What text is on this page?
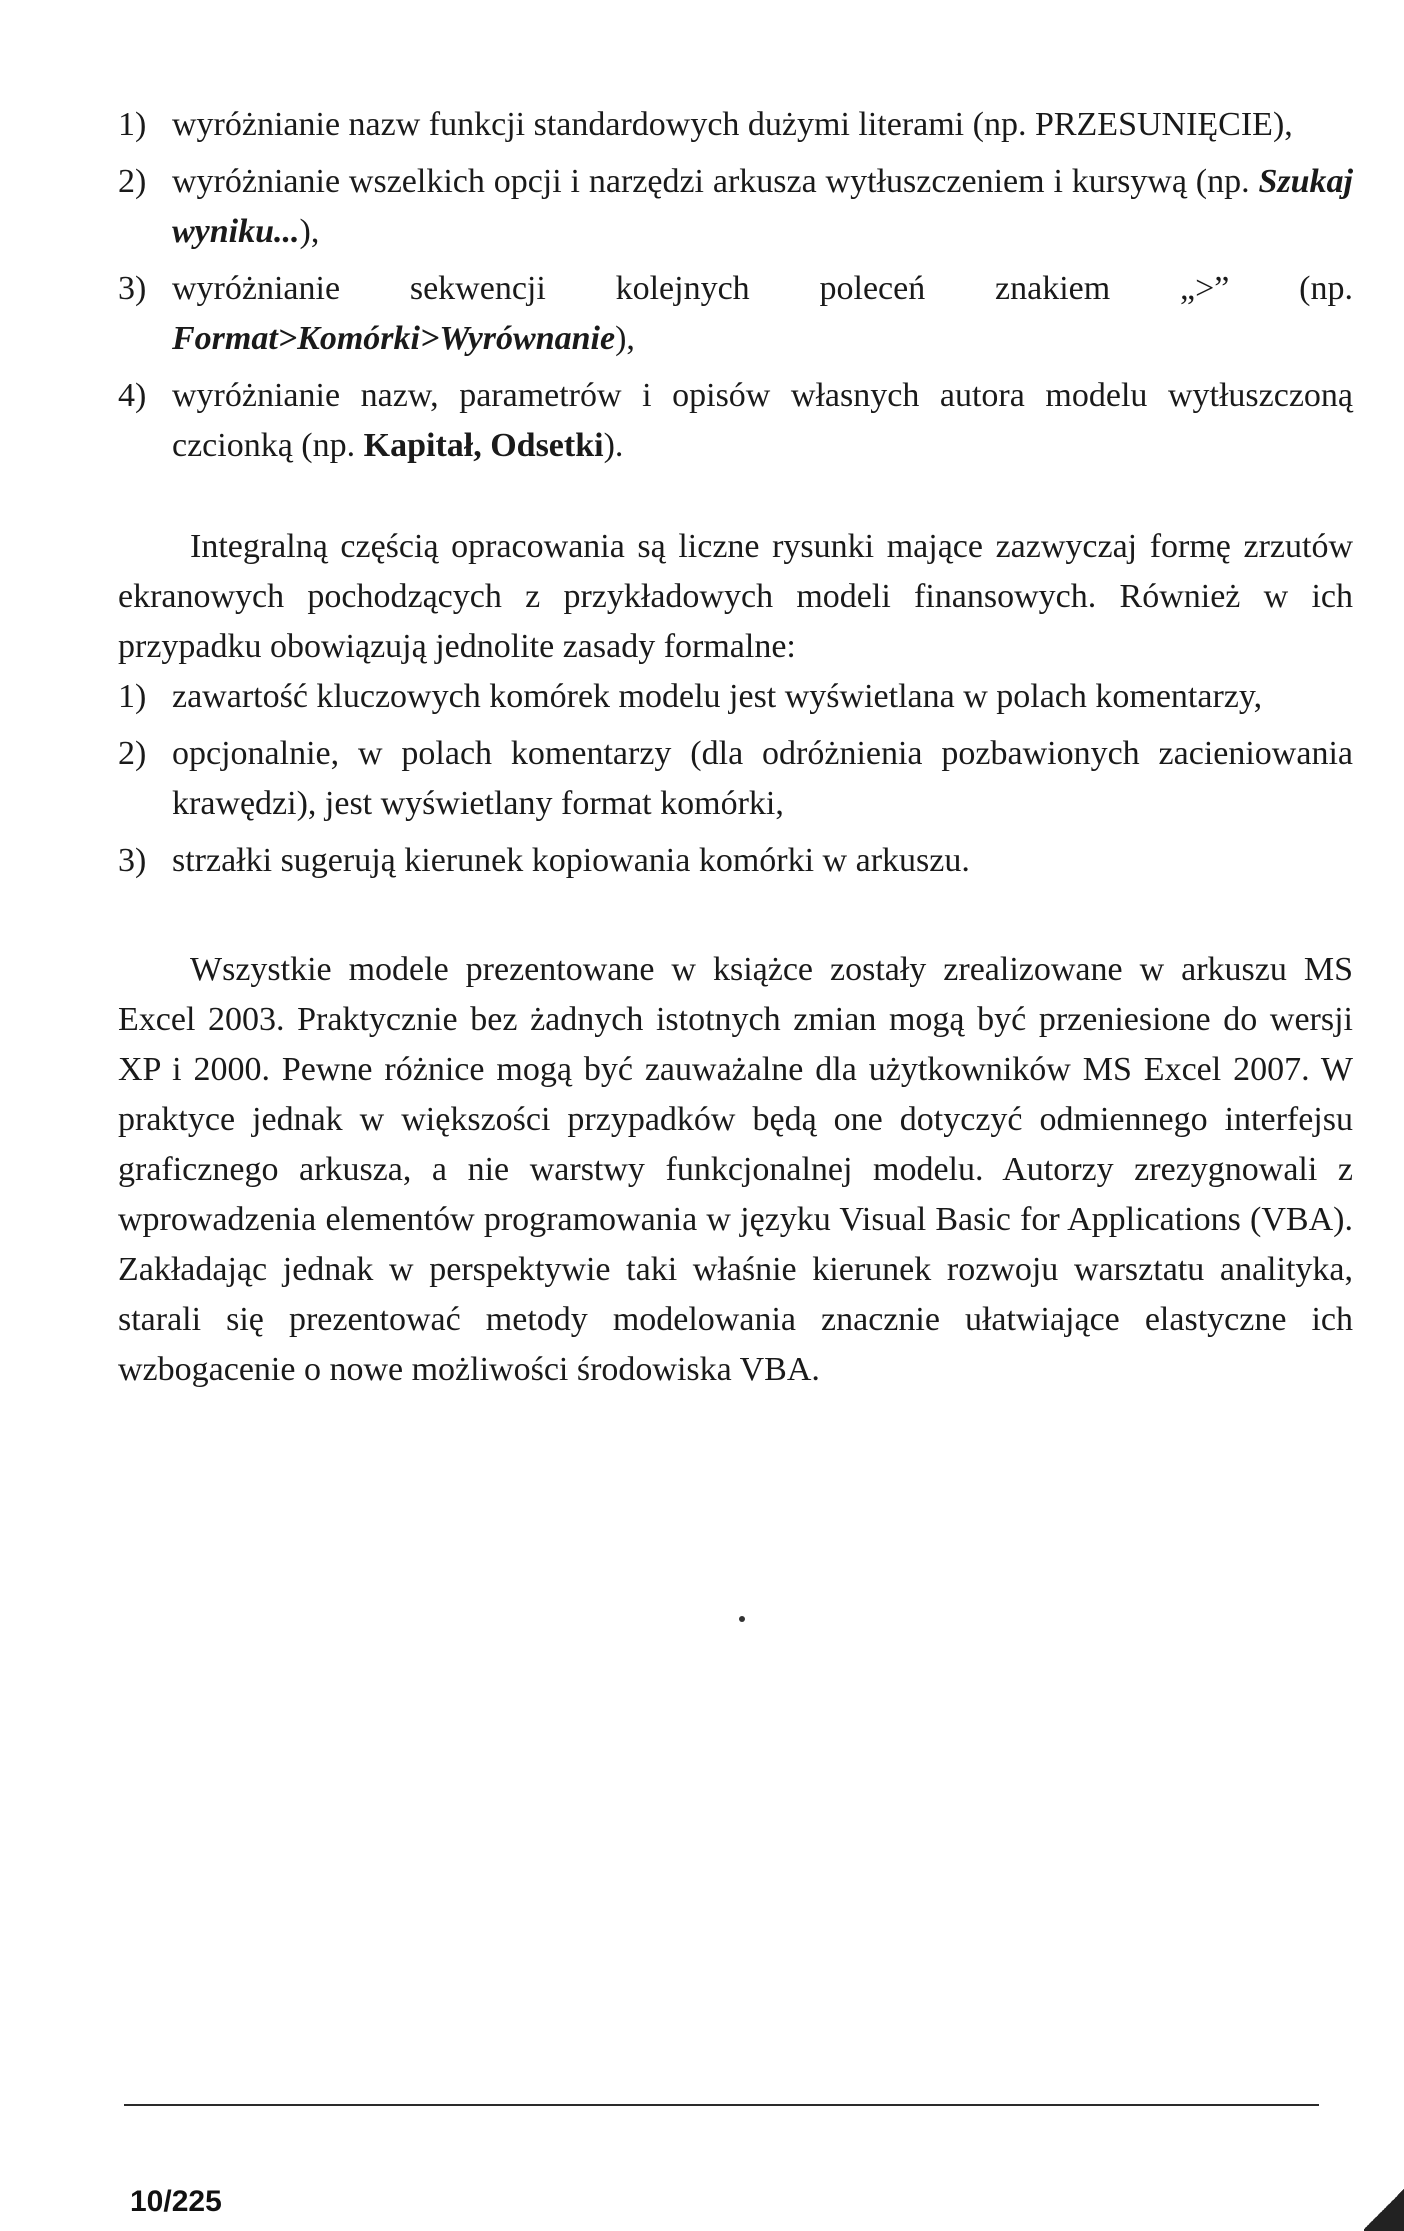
1) wyróżnianie nazw funkcji standardowych dużymi literami (np. PRZESUNIĘCIE),
2) wyróżnianie wszelkich opcji i narzędzi arkusza wytłuszczeniem i kursywą (np. Szukaj wyniku...),
3) wyróżnianie sekwencji kolejnych poleceń znakiem „>” (np. Format>Komórki>Wyrównanie),
4) wyróżnianie nazw, parametrów i opisów własnych autora modelu wytłuszczoną czcionką (np. Kapitał, Odsetki).

Integralną częścią opracowania są liczne rysunki mające zazwyczaj formę zrzutów ekranowych pochodzących z przykładowych modeli finansowych. Również w ich przypadku obowiązują jednolite zasady formalne:

1) zawartość kluczowych komórek modelu jest wyświetlana w polach komentarzy,
2) opcjonalnie, w polach komentarzy (dla odróżnienia pozbawionych zacieniowania krawędzi), jest wyświetlany format komórki,
3) strzałki sugerują kierunek kopiowania komórki w arkuszu.

Wszystkie modele prezentowane w książce zostały zrealizowane w arkuszu MS Excel 2003. Praktycznie bez żadnych istotnych zmian mogą być przeniesione do wersji XP i 2000. Pewne różnice mogą być zauważalne dla użytkowników MS Excel 2007. W praktyce jednak w większości przypadków będą one dotyczyć odmiennego interfejsu graficznego arkusza, a nie warstwy funkcjonalnej modelu. Autorzy zrezygnowali z wprowadzenia elementów programowania w języku Visual Basic for Applications (VBA). Zakładając jednak w perspektywie taki właśnie kierunek rozwoju warsztatu analityka, starali się prezentować metody modelowania znacznie ułatwiające elastyczne ich wzbogacenie o nowe możliwości środowiska VBA.

10/225
